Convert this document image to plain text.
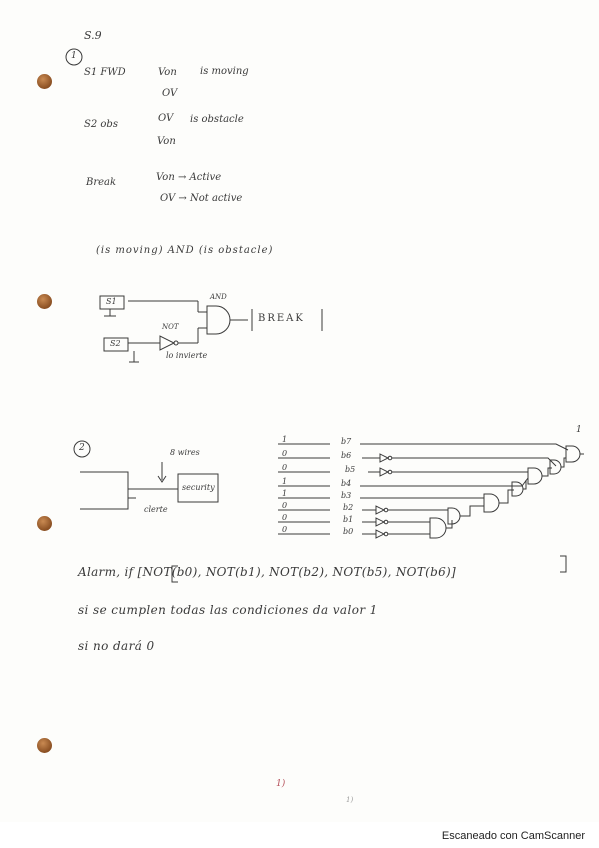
S.9
1
S1 FWD	Von is moving
OV
S2 obs
OV is obstacle
Von
Break	Von → Active
OV → Not active
(is moving) AND (is obstacle)
S1
S2
AND
NOT
lo invierte
BREAK
2	8 wires
security
clerte
1
0
0
1
1
0
0
0
b7
b6
b5
b4
b3
b2
b1
b0
1
Alarm, if [NOT(b0), NOT(b1), NOT(b2), NOT(b5), NOT(b6)]
si se cumplen todas las condiciones da valor 1
si no dará 0
1)
1)
Escaneado con CamScanner
